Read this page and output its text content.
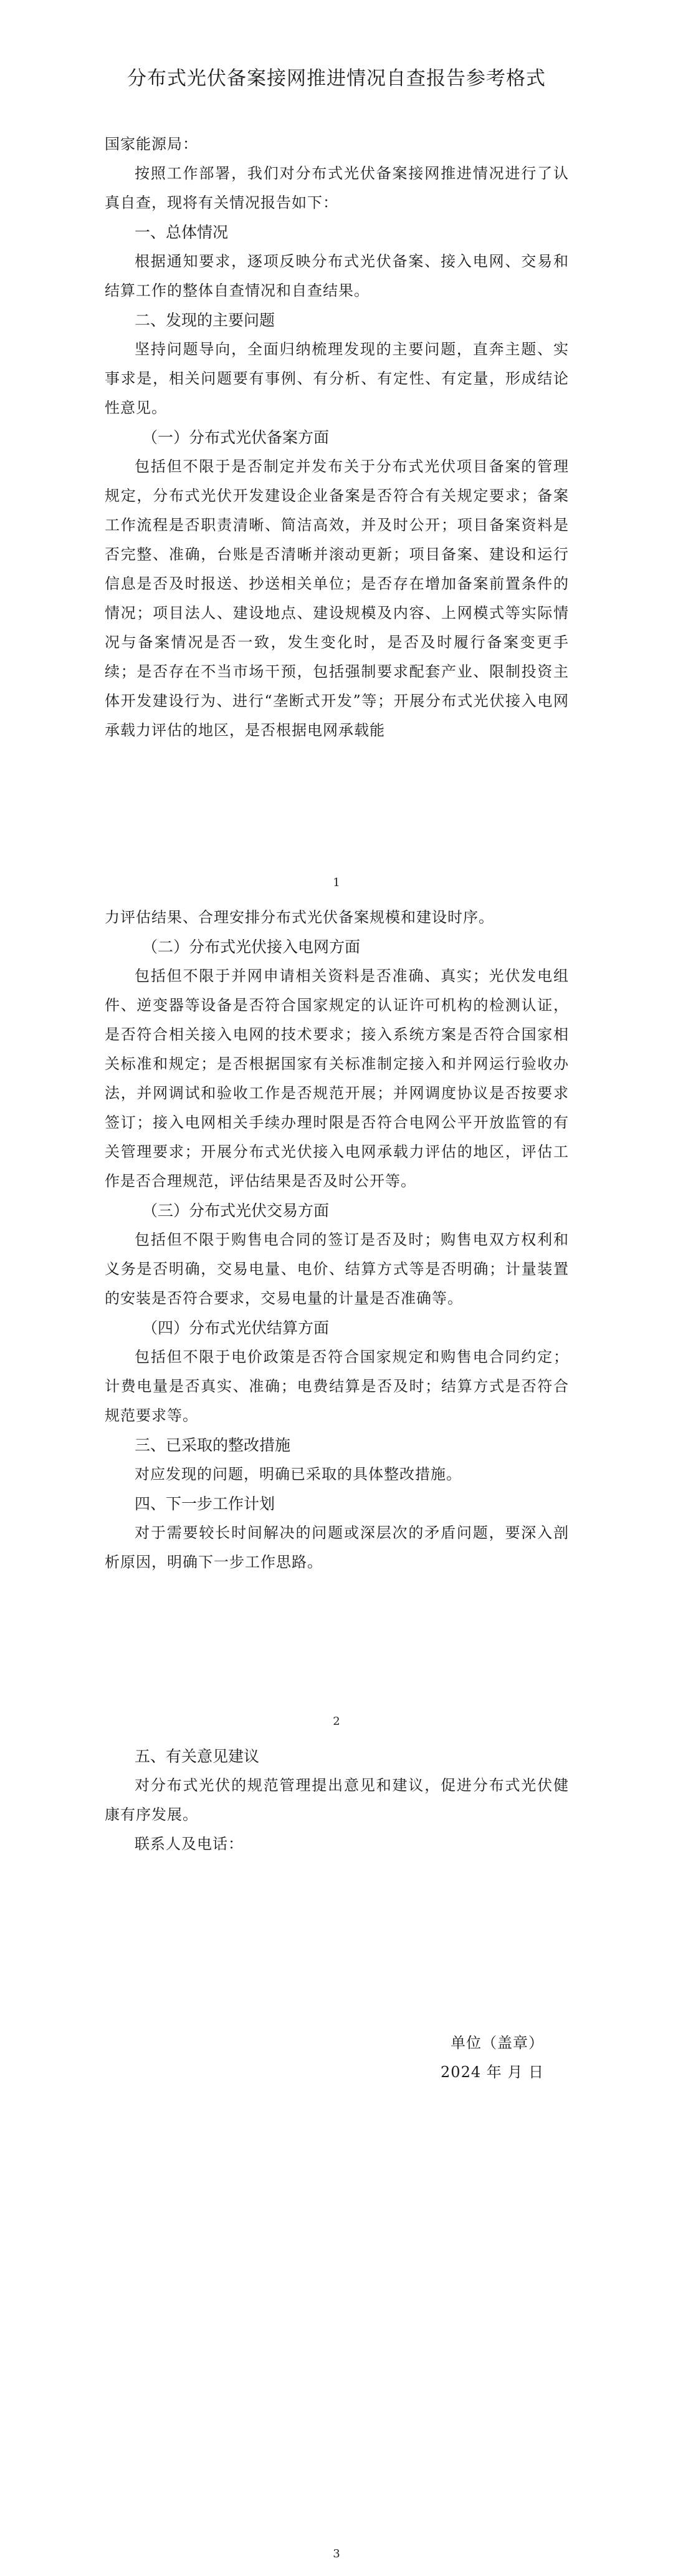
分布式光伏备案接网推进情况自查报告参考格式

国家能源局：

按照工作部署，我们对分布式光伏备案接网推进情况进行了认真自查，现将有关情况报告如下：

一、总体情况

根据通知要求，逐项反映分布式光伏备案、接入电网、交易和结算工作的整体自查情况和自查结果。

二、发现的主要问题

坚持问题导向，全面归纳梳理发现的主要问题，直奔主题、实事求是，相关问题要有事例、有分析、有定性、有定量，形成结论性意见。

（一）分布式光伏备案方面

包括但不限于是否制定并发布关于分布式光伏项目备案的管理规定，分布式光伏开发建设企业备案是否符合有关规定要求；备案工作流程是否职责清晰、简洁高效，并及时公开；项目备案资料是否完整、准确，台账是否清晰并滚动更新；项目备案、建设和运行信息是否及时报送、抄送相关单位；是否存在增加备案前置条件的情况；项目法人、建设地点、建设规模及内容、上网模式等实际情况与备案情况是否一致，发生变化时，是否及时履行备案变更手续；是否存在不当市场干预，包括强制要求配套产业、限制投资主体开发建设行为、进行“垄断式开发”等；开展分布式光伏接入电网承载力评估的地区，是否根据电网承载能

1

力评估结果、合理安排分布式光伏备案规模和建设时序。

（二）分布式光伏接入电网方面

包括但不限于并网申请相关资料是否准确、真实；光伏发电组件、逆变器等设备是否符合国家规定的认证许可机构的检测认证，是否符合相关接入电网的技术要求；接入系统方案是否符合国家相关标准和规定；是否根据国家有关标准制定接入和并网运行验收办法，并网调试和验收工作是否规范开展；并网调度协议是否按要求签订；接入电网相关手续办理时限是否符合电网公平开放监管的有关管理要求；开展分布式光伏接入电网承载力评估的地区，评估工作是否合理规范，评估结果是否及时公开等。

（三）分布式光伏交易方面

包括但不限于购售电合同的签订是否及时；购售电双方权利和义务是否明确，交易电量、电价、结算方式等是否明确；计量装置的安装是否符合要求，交易电量的计量是否准确等。

（四）分布式光伏结算方面

包括但不限于电价政策是否符合国家规定和购售电合同约定；计费电量是否真实、准确；电费结算是否及时；结算方式是否符合规范要求等。

三、已采取的整改措施

对应发现的问题，明确已采取的具体整改措施。

四、下一步工作计划

对于需要较长时间解决的问题或深层次的矛盾问题，要深入剖析原因，明确下一步工作思路。

2

五、有关意见建议

对分布式光伏的规范管理提出意见和建议，促进分布式光伏健康有序发展。

联系人及电话：

单位（盖章）

2024 年 月 日

3
